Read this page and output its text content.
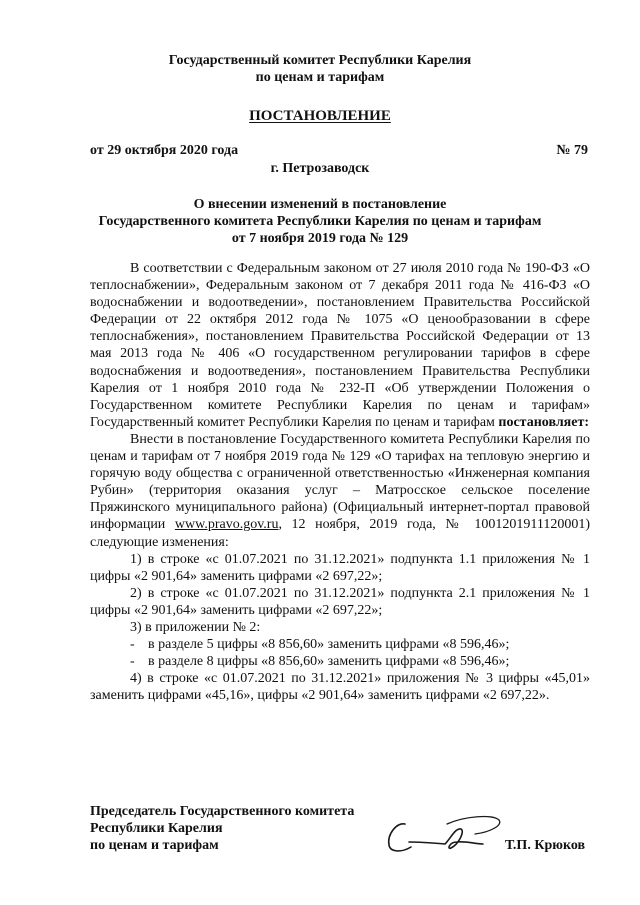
Государственный комитет Республики Карелия
по ценам и тарифам
ПОСТАНОВЛЕНИЕ
от 29 октября 2020 года	№ 79
г. Петрозаводск
О внесении изменений в постановление
Государственного комитета Республики Карелия по ценам и тарифам
от 7 ноября 2019 года № 129

В соответствии с Федеральным законом от 27 июля 2010 года № 190-ФЗ «О теплоснабжении», Федеральным законом от 7 декабря 2011 года № 416-ФЗ «О водоснабжении и водоотведении», постановлением Правительства Российской Федерации от 22 октября 2012 года № 1075 «О ценообразовании в сфере теплоснабжения», постановлением Правительства Российской Федерации от 13 мая 2013 года № 406 «О государственном регулировании тарифов в сфере водоснабжения и водоотведения», постановлением Правительства Республики Карелия от 1 ноября 2010 года № 232-П «Об утверждении Положения о Государственном комитете Республики Карелия по ценам и тарифам» Государственный комитет Республики Карелия по ценам и тарифам постановляет:

Внести в постановление Государственного комитета Республики Карелия по ценам и тарифам от 7 ноября 2019 года № 129 «О тарифах на тепловую энергию и горячую воду общества с ограниченной ответственностью «Инженерная компания Рубин» (территория оказания услуг – Матросское сельское поселение Пряжинского муниципального района) (Официальный интернет-портал правовой информации www.pravo.gov.ru, 12 ноября, 2019 года, № 1001201911120001) следующие изменения:

1) в строке «с 01.07.2021 по 31.12.2021» подпункта 1.1 приложения № 1 цифры «2 901,64» заменить цифрами «2 697,22»;

2) в строке «с 01.07.2021 по 31.12.2021» подпункта 2.1 приложения № 1 цифры «2 901,64» заменить цифрами «2 697,22»;

3) в приложении № 2:

- в разделе 5 цифры «8 856,60» заменить цифрами «8 596,46»;
- в разделе 8 цифры «8 856,60» заменить цифрами «8 596,46»;

4) в строке «с 01.07.2021 по 31.12.2021» приложения № 3 цифры «45,01» заменить цифрами «45,16», цифры «2 901,64» заменить цифрами «2 697,22».

Председатель Государственного комитета
Республики Карелия
по ценам и тарифам	Т.П. Крюков
